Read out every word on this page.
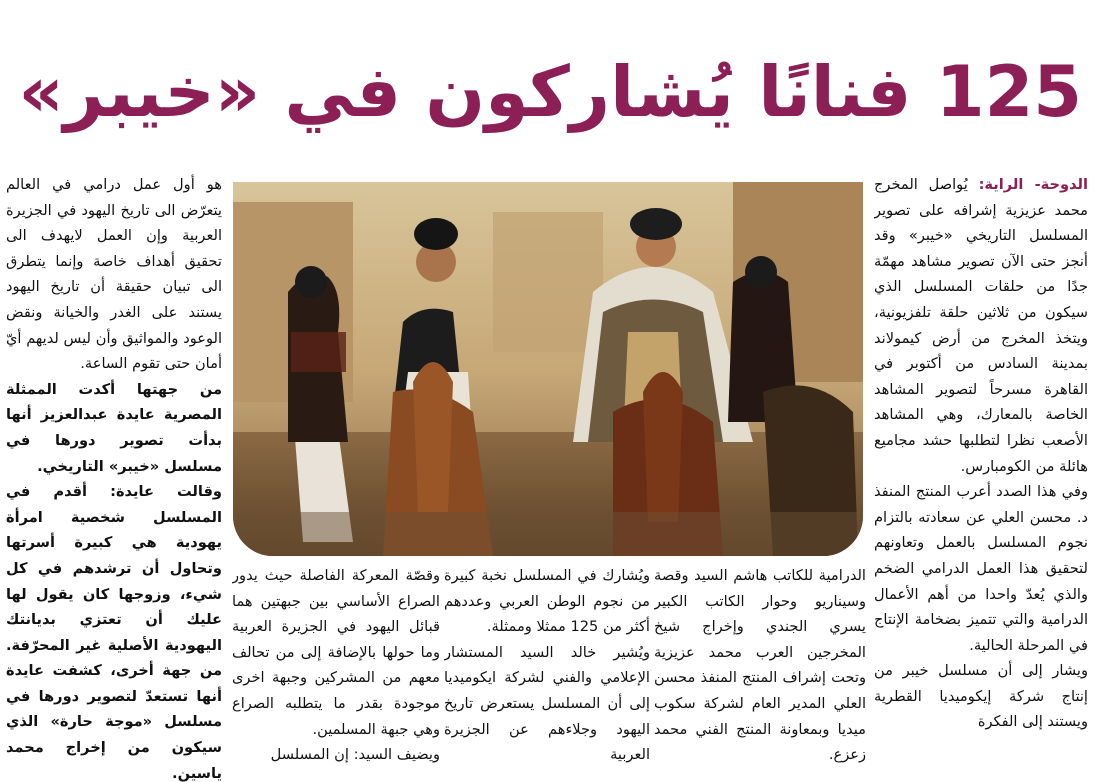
125 فنانًا يُشاركون في «خيبر»

الدوحة- الراية: يُواصل المخرج محمد عزيزية إشرافه على تصوير المسلسل التاريخي «خيبر» وقد أنجز حتى الآن تصوير مشاهد مهمّة جدًا من حلقات المسلسل الذي سيكون من ثلاثين حلقة تلفزيونية، ويتخذ المخرج من أرض كيمولاند بمدينة السادس من أكتوبر في القاهرة مسرحاً لتصوير المشاهد الخاصة بالمعارك، وهي المشاهد الأصعب نظرا لتطلبها حشد مجاميع هائلة من الكومبارس.

وفي هذا الصدد أعرب المنتج المنفذ د. محسن العلي عن سعادته بالتزام نجوم المسلسل بالعمل وتعاونهم لتحقيق هذا العمل الدرامي الضخم والذي يُعدّ واحدا من أهم الأعمال الدرامية والتي تتميز بضخامة الإنتاج في المرحلة الحالية.

ويشار إلى أن مسلسل خيبر من إنتاج شركة إيكوميديا القطرية ويستند إلى الفكرة

الدرامية للكاتب هاشم السيد وقصة وسيناريو وحوار الكاتب الكبير يسري الجندي وإخراج شيخ المخرجين العرب محمد عزيزية وتحت إشراف المنتج المنفذ محسن العلي المدير العام لشركة سكوب ميديا وبمعاونة المنتج الفني محمد زعزع.

ويُشارك في المسلسل نخبة كبيرة من نجوم الوطن العربي وعددهم أكثر من 125 ممثلا وممثلة.

ويُشير خالد السيد المستشار الإعلامي والفني لشركة ايكوميديا إلى أن المسلسل يستعرض تاريخ اليهود وجلاءهم عن الجزيرة العربية

وقصّة المعركة الفاصلة حيث يدور الصراع الأساسي بين جبهتين هما قبائل اليهود في الجزيرة العربية وما حولها بالإضافة إلى من تحالف معهم من المشركين وجبهة اخرى موجودة بقدر ما يتطلبه الصراع وهي جبهة المسلمين.

ويضيف السيد: إن المسلسل

هو أول عمل درامي في العالم يتعرّض الى تاريخ اليهود في الجزيرة العربية وإن العمل لايهدف الى تحقيق أهداف خاصة وإنما يتطرق الى تبيان حقيقة أن تاريخ اليهود يستند على الغدر والخيانة ونقض الوعود والمواثيق وأن ليس لديهم أيّ أمان حتى تقوم الساعة.

من جهتها أكدت الممثلة المصرية عايدة عبدالعزيز أنها بدأت تصوير دورها في مسلسل «خيبر» التاريخي.

وقالت عايدة: أقدم في المسلسل شخصية امرأة يهودية هي كبيرة أسرتها وتحاول أن ترشدهم في كل شيء، وزوجها كان يقول لها عليك أن تعتزي بديانتك اليهودية الأصلية غير المحرّفة. من جهة أخرى، كشفت عايدة أنها تستعدّ لتصوير دورها في مسلسل «موجة حارة» الذي سيكون من إخراج محمد ياسين.
